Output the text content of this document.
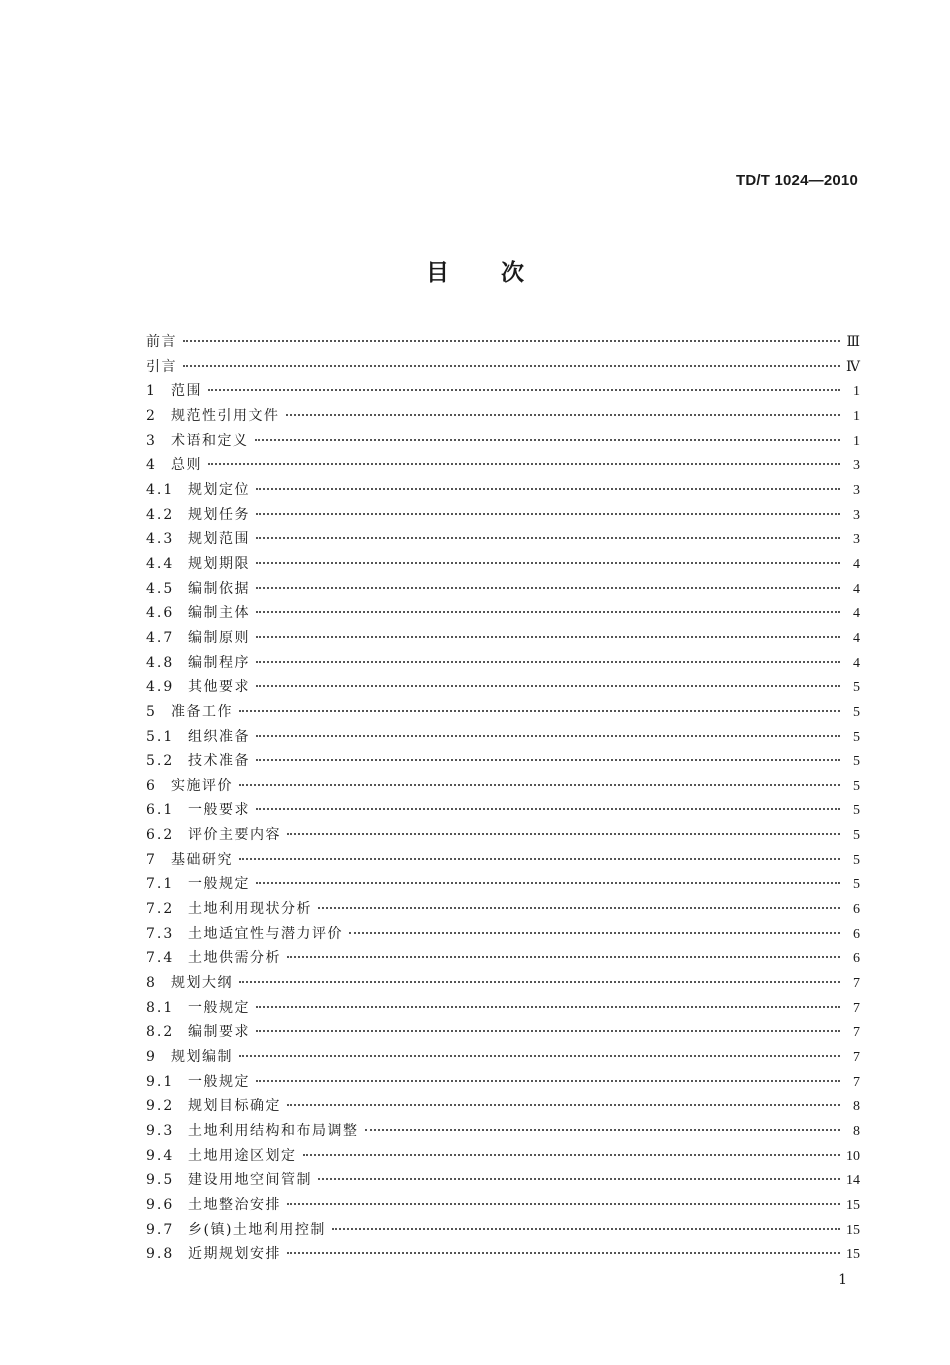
TD/T 1024—2010
目次
前言	Ⅲ
引言	Ⅳ
1	范围	1
2	规范性引用文件	1
3	术语和定义	1
4	总则	3
4.1 规划定位	3
4.2 规划任务	3
4.3 规划范围	3
4.4 规划期限	4
4.5 编制依据	4
4.6 编制主体	4
4.7 编制原则	4
4.8 编制程序	4
4.9 其他要求	5
5	准备工作	5
5.1 组织准备	5
5.2 技术准备	5
6	实施评价	5
6.1 一般要求	5
6.2 评价主要内容	5
7	基础研究	5
7.1 一般规定	5
7.2 土地利用现状分析	6
7.3 土地适宜性与潜力评价	6
7.4 土地供需分析	6
8	规划大纲	7
8.1 一般规定	7
8.2 编制要求	7
9	规划编制	7
9.1 一般规定	7
9.2 规划目标确定	8
9.3 土地利用结构和布局调整	8
9.4 土地用途区划定	10
9.5 建设用地空间管制	14
9.6 土地整治安排	15
9.7 乡(镇)土地利用控制	15
9.8 近期规划安排	15
1
